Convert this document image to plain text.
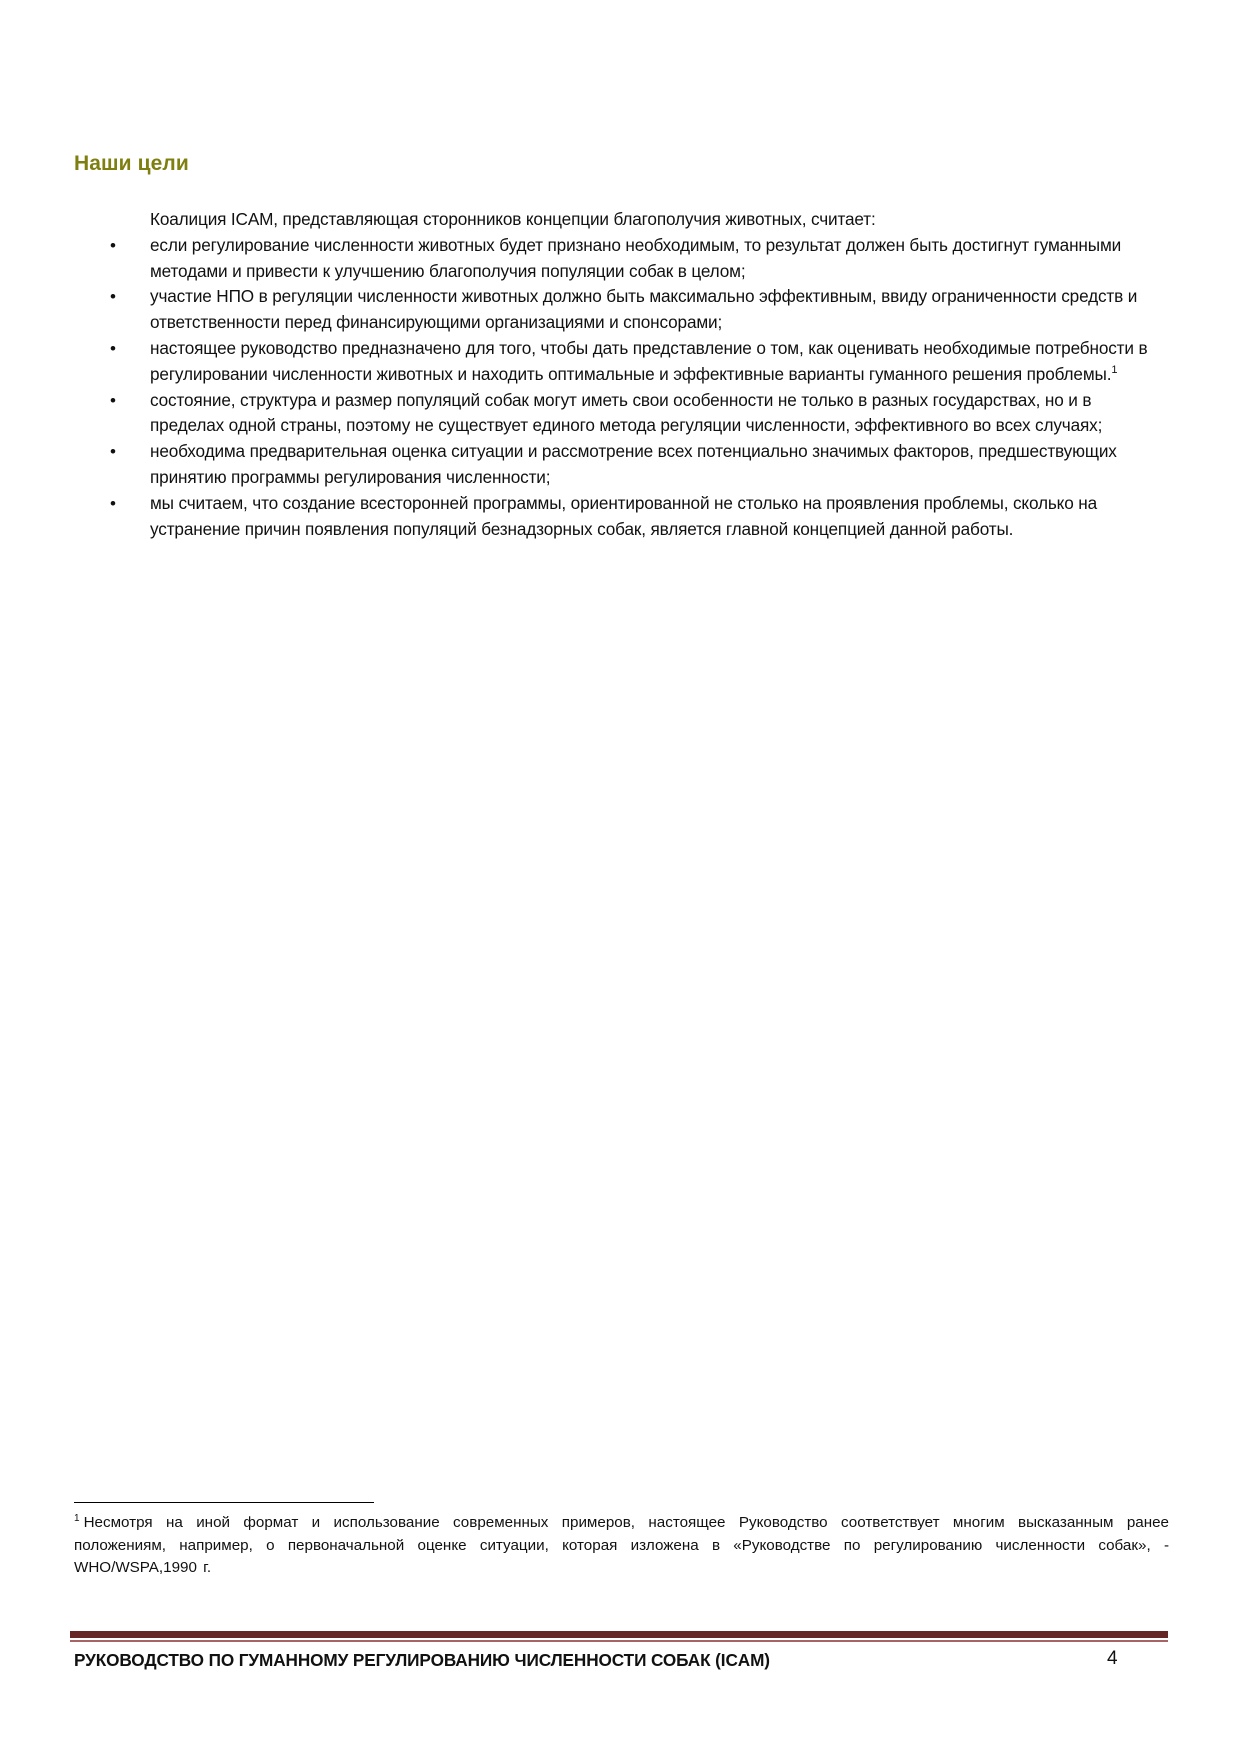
Наши цели

Коалиция ICAM, представляющая сторонников концепции благополучия животных, считает:

• если регулирование численности животных будет признано необходимым, то результат должен быть достигнут гуманными методами и привести к улучшению благополучия популяции собак в целом;
• участие НПО в регуляции численности животных должно быть максимально эффективным, ввиду ограниченности средств и ответственности перед финансирующими организациями и спонсорами;
• настоящее руководство предназначено для того, чтобы дать представление о том, как оценивать необходимые потребности в регулировании численности животных и находить оптимальные и эффективные варианты гуманного решения проблемы.$^1$
• состояние, структура и размер популяций собак могут иметь свои особенности не только в разных государствах, но и в пределах одной страны, поэтому не существует единого метода регуляции численности, эффективного во всех случаях;
• необходима предварительная оценка ситуации и рассмотрение всех потенциально значимых факторов, предшествующих принятию программы регулирования численности;
• мы считаем, что создание всесторонней программы, ориентированной не столько на проявления проблемы, сколько на устранение причин появления популяций безнадзорных собак, является главной концепцией данной работы.
$^1$ Несмотря на иной формат и использование современных примеров, настоящее Руководство соответствует многим высказанным ранее положениям, например, о первоначальной оценке ситуации, которая изложена в «Руководстве по регулированию численности собак», - WHO/WSPA,1990 г.
РУКОВОДСТВО ПО ГУМАННОМУ РЕГУЛИРОВАНИЮ ЧИСЛЕННОСТИ СОБАК (ICAM)	4
